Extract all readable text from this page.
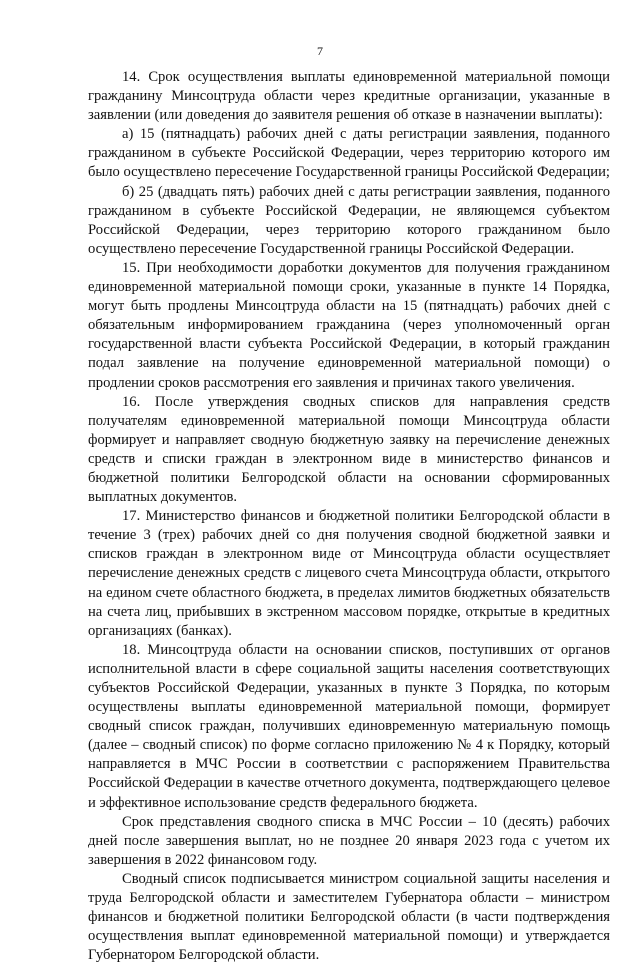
7

14. Срок осуществления выплаты единовременной материальной помощи гражданину Минсоцтруда области через кредитные организации, указанные в заявлении (или доведения до заявителя решения об отказе в назначении выплаты):

а) 15 (пятнадцать) рабочих дней с даты регистрации заявления, поданного гражданином в субъекте Российской Федерации, через территорию которого им было осуществлено пересечение Государственной границы Российской Федерации;

б) 25 (двадцать пять) рабочих дней с даты регистрации заявления, поданного гражданином в субъекте Российской Федерации, не являющемся субъектом Российской Федерации, через территорию которого гражданином было осуществлено пересечение Государственной границы Российской Федерации.

15. При необходимости доработки документов для получения гражданином единовременной материальной помощи сроки, указанные в пункте 14 Порядка, могут быть продлены Минсоцтруда области на 15 (пятнадцать) рабочих дней с обязательным информированием гражданина (через уполномоченный орган государственной власти субъекта Российской Федерации, в который гражданин подал заявление на получение единовременной материальной помощи) о продлении сроков рассмотрения его заявления и причинах такого увеличения.

16. После утверждения сводных списков для направления средств получателям единовременной материальной помощи Минсоцтруда области формирует и направляет сводную бюджетную заявку на перечисление денежных средств и списки граждан в электронном виде в министерство финансов и бюджетной политики Белгородской области на основании сформированных выплатных документов.

17. Министерство финансов и бюджетной политики Белгородской области в течение 3 (трех) рабочих дней со дня получения сводной бюджетной заявки и списков граждан в электронном виде от Минсоцтруда области осуществляет перечисление денежных средств с лицевого счета Минсоцтруда области, открытого на едином счете областного бюджета, в пределах лимитов бюджетных обязательств на счета лиц, прибывших в экстренном массовом порядке, открытые в кредитных организациях (банках).

18. Минсоцтруда области на основании списков, поступивших от органов исполнительной власти в сфере социальной защиты населения соответствующих субъектов Российской Федерации, указанных в пункте 3 Порядка, по которым осуществлены выплаты единовременной материальной помощи, формирует сводный список граждан, получивших единовременную материальную помощь (далее – сводный список) по форме согласно приложению № 4 к Порядку, который направляется в МЧС России в соответствии с распоряжением Правительства Российской Федерации в качестве отчетного документа, подтверждающего целевое и эффективное использование средств федерального бюджета.

Срок представления сводного списка в МЧС России – 10 (десять) рабочих дней после завершения выплат, но не позднее 20 января 2023 года с учетом их завершения в 2022 финансовом году.

Сводный список подписывается министром социальной защиты населения и труда Белгородской области и заместителем Губернатора области – министром финансов и бюджетной политики Белгородской области (в части подтверждения осуществления выплат единовременной материальной помощи) и утверждается Губернатором Белгородской области.
